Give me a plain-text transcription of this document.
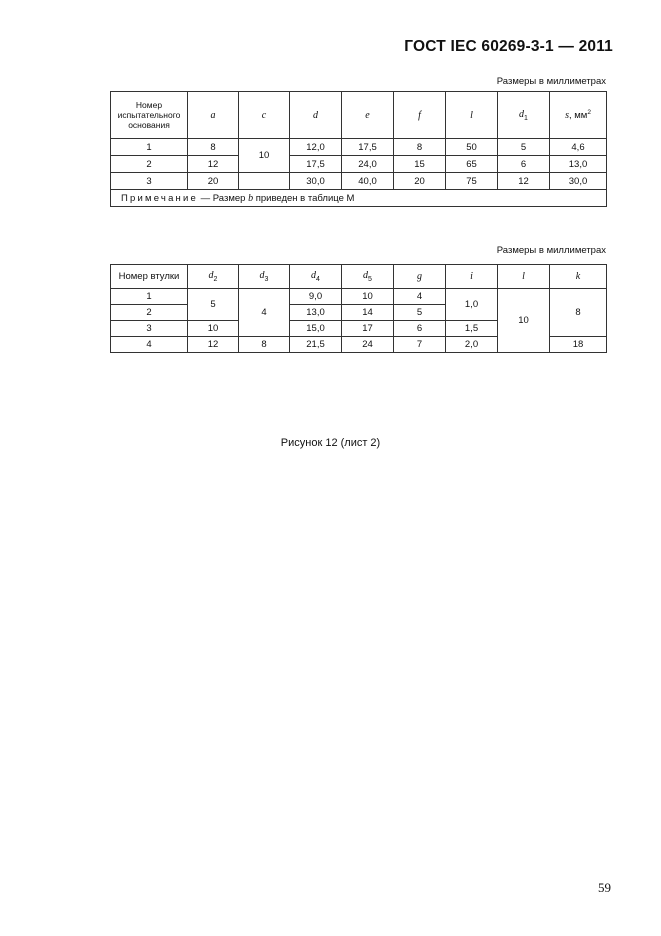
ГОСТ IEC 60269-3-1 — 2011
Размеры в миллиметрах
Номер испытательного основания	a	c	d	e	f	l	$d_1$	s, $мм^2$
1	8	10	12,0	17,5	8	50	5	4,6
2	12		17,5	24,0	15	65	6	13,0
3	20		30,0	40,0	20	75	12	30,0
Примечание — Размер b приведен в таблице М								
Размеры в миллиметрах
Номер втулки	$d_2$	$d_3$	$d_4$	$d_5$	g	i	l	k
1	5	4	9,0	10	4	1,0	10	8
2			13,0	14	5			
3	10		15,0	17	6	1,5		
4	12	8	21,5	24	7	2,0		18
Рисунок 12 (лист 2)
59
